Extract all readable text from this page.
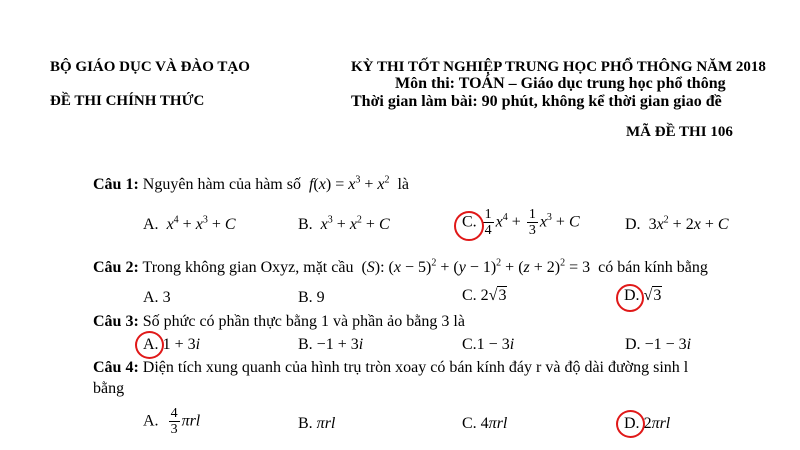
BỘ GIÁO DỤC VÀ ĐÀO TẠO
ĐỀ THI CHÍNH THỨC
KỲ THI TỐT NGHIỆP TRUNG HỌC PHỔ THÔNG NĂM 2018
Môn thi: TOÁN – Giáo dục trung học phổ thông
Thời gian làm bài: 90 phút, không kể thời gian giao đề
MÃ ĐỀ THI 106
Câu 1: Nguyên hàm của hàm số  $f(x) = x^3 + x^2$ là
A. $x^4 + x^3 + C$	B. $x^3 + x^2 + C$	C. $\frac{1}{4} x^4 + \frac{1}{3} x^3 + C$	D.  $3x^2 + 2x + C$
Câu 2: Trong không gian Oxyz, mặt cầu (S): $(x - 5)^2 + (y - 1)^2 + (z + 2)^2 = 3$ có bán kính bằng
A. 3	B. 9	C. 2√3	D. √3
Câu 3: Số phức có phần thực bằng 1 và phần ảo bằng 3 là
A. 1 + 3i	B. −1 + 3i	C.1 − 3i	D. −1 − 3i
Câu 4: Diện tích xung quanh của hình trụ tròn xoay có bán kính đáy r và độ dài đường sinh l
bằng
A. $\frac{4}{3}$ πrl	B. πrl	C. 4πrl	D. 2πrl
